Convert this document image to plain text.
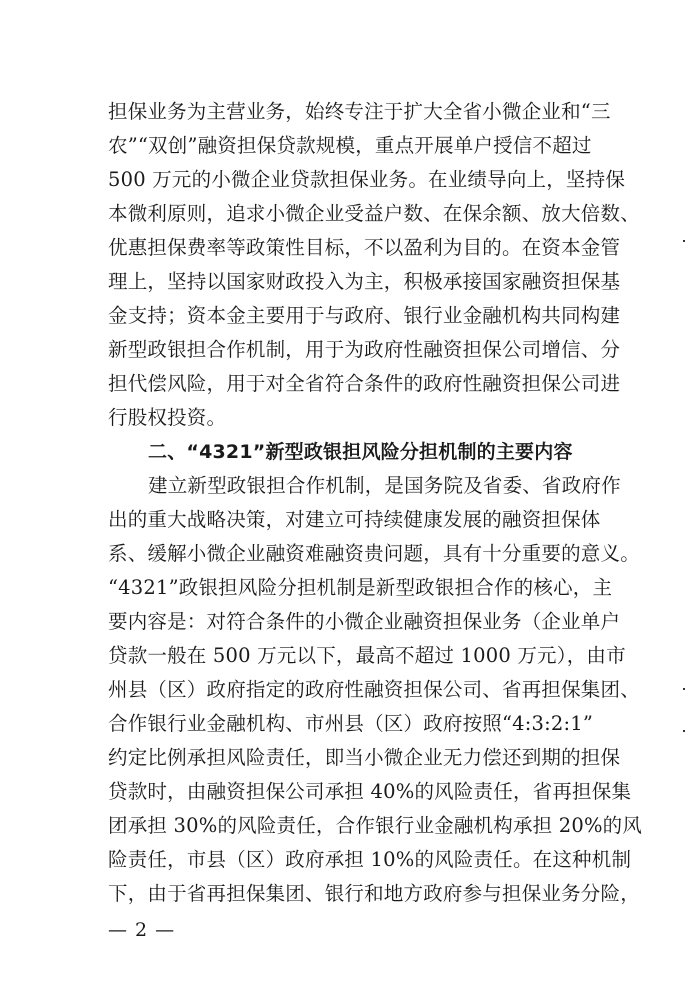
担保业务为主营业务，始终专注于扩大全省小微企业和“三
农”“双创”融资担保贷款规模，重点开展单户授信不超过
500 万元的小微企业贷款担保业务。在业绩导向上，坚持保
本微利原则，追求小微企业受益户数、在保余额、放大倍数、
优惠担保费率等政策性目标，不以盈利为目的。在资本金管
理上，坚持以国家财政投入为主，积极承接国家融资担保基
金支持；资本金主要用于与政府、银行业金融机构共同构建
新型政银担合作机制，用于为政府性融资担保公司增信、分
担代偿风险，用于对全省符合条件的政府性融资担保公司进
行股权投资。
二、“4321”新型政银担风险分担机制的主要内容
建立新型政银担合作机制，是国务院及省委、省政府作
出的重大战略决策，对建立可持续健康发展的融资担保体
系、缓解小微企业融资难融资贵问题，具有十分重要的意义。
“4321”政银担风险分担机制是新型政银担合作的核心，主
要内容是：对符合条件的小微企业融资担保业务（企业单户
贷款一般在 500 万元以下，最高不超过 1000 万元），由市
州县（区）政府指定的政府性融资担保公司、省再担保集团、
合作银行业金融机构、市州县（区）政府按照“4:3:2:1”
约定比例承担风险责任，即当小微企业无力偿还到期的担保
贷款时，由融资担保公司承担 40%的风险责任，省再担保集
团承担 30%的风险责任，合作银行业金融机构承担 20%的风
险责任，市县（区）政府承担 10%的风险责任。在这种机制
下，由于省再担保集团、银行和地方政府参与担保业务分险，
— 2 —
